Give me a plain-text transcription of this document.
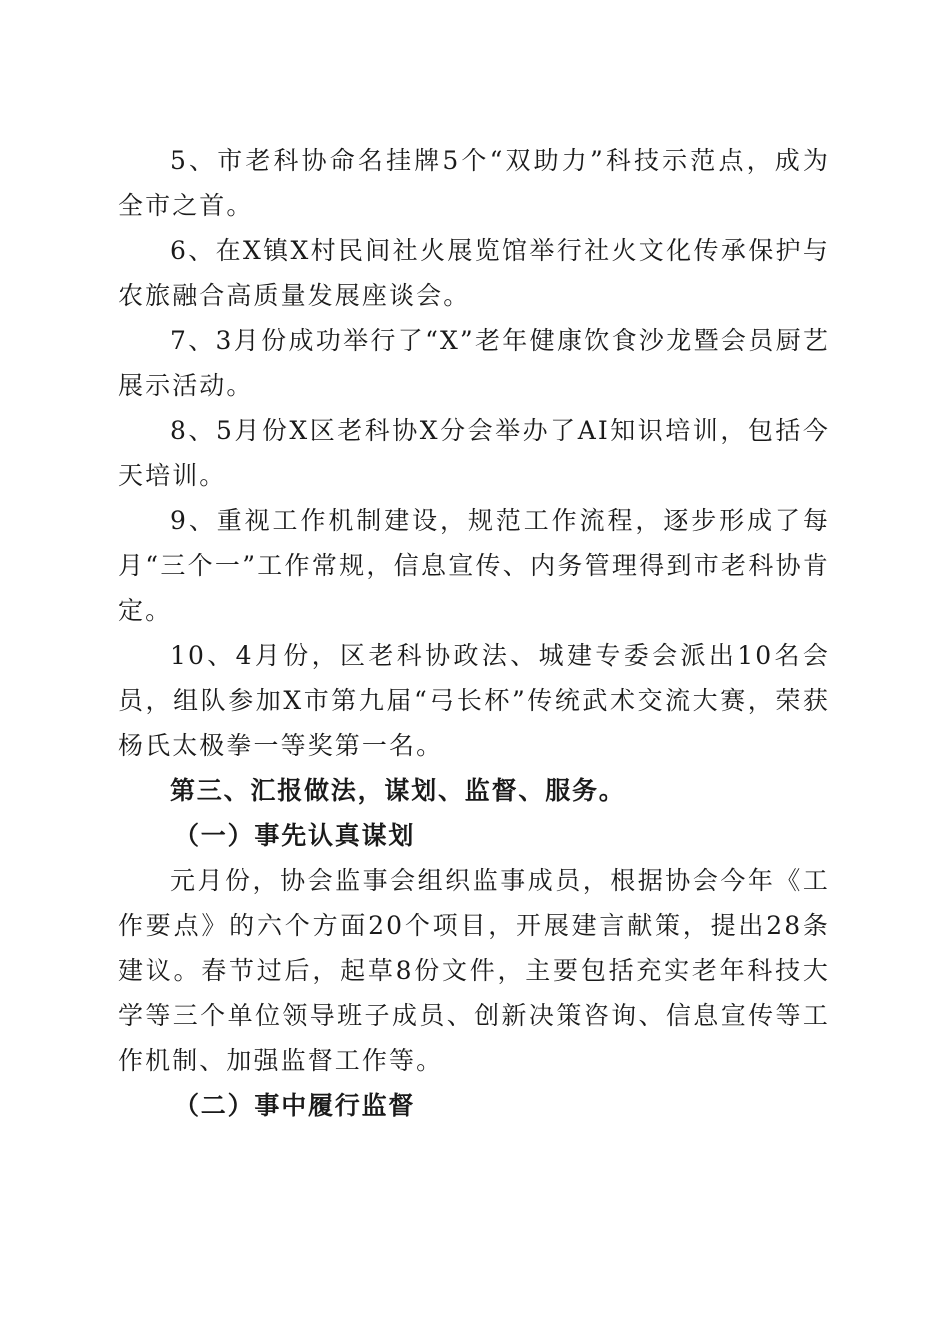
5、市老科协命名挂牌5个“双助力”科技示范点，成为全市之首。

6、在X镇X村民间社火展览馆举行社火文化传承保护与农旅融合高质量发展座谈会。

7、3月份成功举行了“X”老年健康饮食沙龙暨会员厨艺展示活动。

8、5月份X区老科协X分会举办了AI知识培训，包括今天培训。

9、重视工作机制建设，规范工作流程，逐步形成了每月“三个一”工作常规，信息宣传、内务管理得到市老科协肯定。

10、4月份，区老科协政法、城建专委会派出10名会员，组队参加X市第九届“弓长杯”传统武术交流大赛，荣获杨氏太极拳一等奖第一名。

第三、汇报做法，谋划、监督、服务。

（一）事先认真谋划

元月份，协会监事会组织监事成员，根据协会今年《工作要点》的六个方面20个项目，开展建言献策，提出28条建议。春节过后，起草8份文件，主要包括充实老年科技大学等三个单位领导班子成员、创新决策咨询、信息宣传等工作机制、加强监督工作等。

（二）事中履行监督
